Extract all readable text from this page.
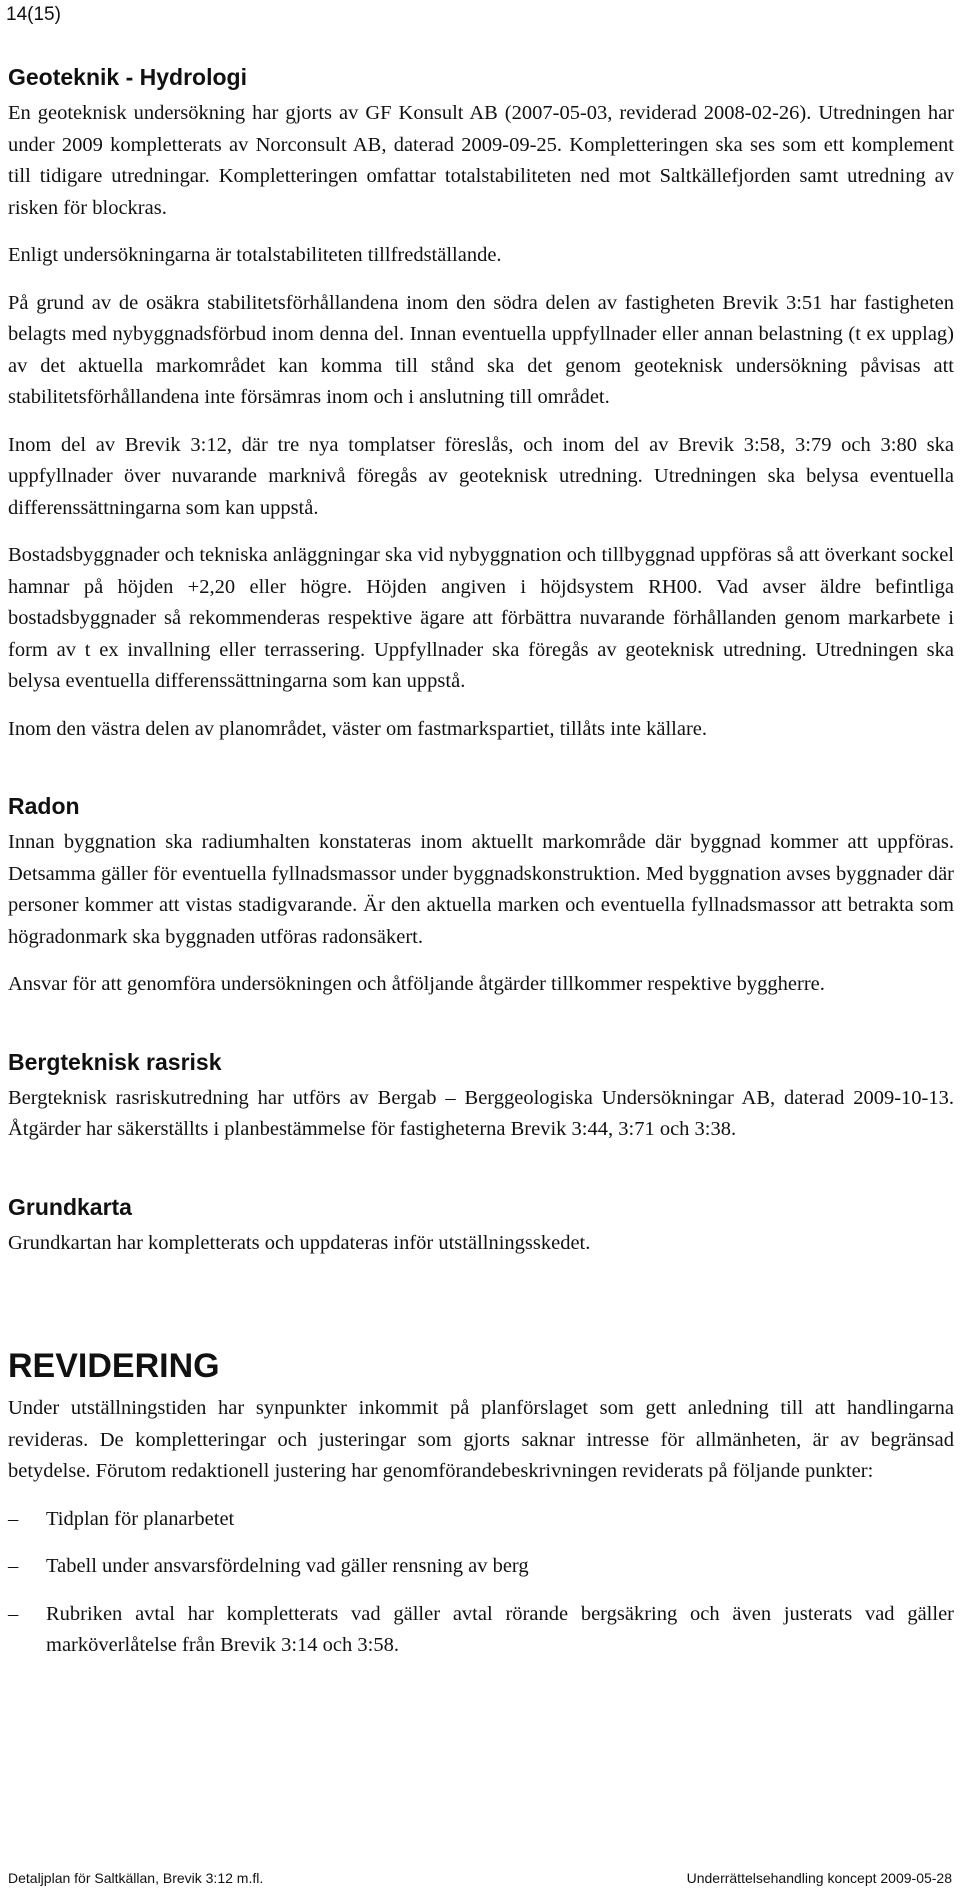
14(15)
Geoteknik - Hydrologi

En geoteknisk undersökning har gjorts av GF Konsult AB (2007-05-03, reviderad 2008-02-26). Utredningen har under 2009 kompletterats av Norconsult AB, daterad 2009-09-25. Kompletteringen ska ses som ett komplement till tidigare utredningar. Kompletteringen omfattar totalstabiliteten ned mot Saltkällefjorden samt utredning av risken för blockras.

Enligt undersökningarna är totalstabiliteten tillfredställande.

På grund av de osäkra stabilitetsförhållandena inom den södra delen av fastigheten Brevik 3:51 har fastigheten belagts med nybyggnadsförbud inom denna del. Innan eventuella uppfyllnader eller annan belastning (t ex upplag) av det aktuella markområdet kan komma till stånd ska det genom geoteknisk undersökning påvisas att stabilitetsförhållandena inte försämras inom och i anslutning till området.

Inom del av Brevik 3:12, där tre nya tomplatser föreslås, och inom del av Brevik 3:58, 3:79 och 3:80 ska uppfyllnader över nuvarande marknivå föregås av geoteknisk utredning. Utredningen ska belysa eventuella differenssättningarna som kan uppstå.

Bostadsbyggnader och tekniska anläggningar ska vid nybyggnation och tillbyggnad uppföras så att överkant sockel hamnar på höjden +2,20 eller högre. Höjden angiven i höjdsystem RH00. Vad avser äldre befintliga bostadsbyggnader så rekommenderas respektive ägare att förbättra nuvarande förhållanden genom markarbete i form av t ex invallning eller terrassering. Uppfyllnader ska föregås av geoteknisk utredning. Utredningen ska belysa eventuella differenssättningarna som kan uppstå.

Inom den västra delen av planområdet, väster om fastmarkspartiet, tillåts inte källare.

Radon

Innan byggnation ska radiumhalten konstateras inom aktuellt markområde där byggnad kommer att uppföras. Detsamma gäller för eventuella fyllnadsmassor under byggnadskonstruktion. Med byggnation avses byggnader där personer kommer att vistas stadigvarande. Är den aktuella marken och eventuella fyllnadsmassor att betrakta som högradonmark ska byggnaden utföras radonsäkert.

Ansvar för att genomföra undersökningen och åtföljande åtgärder tillkommer respektive byggherre.

Bergteknisk rasrisk

Bergteknisk rasriskutredning har utförs av Bergab – Berggeologiska Undersökningar AB, daterad 2009-10-13. Åtgärder har säkerställts i planbestämmelse för fastigheterna Brevik 3:44, 3:71 och 3:38.

Grundkarta

Grundkartan har kompletterats och uppdateras inför utställningsskedet.

REVIDERING

Under utställningstiden har synpunkter inkommit på planförslaget som gett anledning till att handlingarna revideras. De kompletteringar och justeringar som gjorts saknar intresse för allmänheten, är av begränsad betydelse. Förutom redaktionell justering har genomförandebeskrivningen reviderats på följande punkter:

– Tidplan för planarbetet
– Tabell under ansvarsfördelning vad gäller rensning av berg
– Rubriken avtal har kompletterats vad gäller avtal rörande bergsäkring och även justerats vad gäller marköverlåtelse från Brevik 3:14 och 3:58.
Detaljplan för Saltkällan, Brevik 3:12 m.fl.	Underrättelsehandling koncept 2009-05-28
